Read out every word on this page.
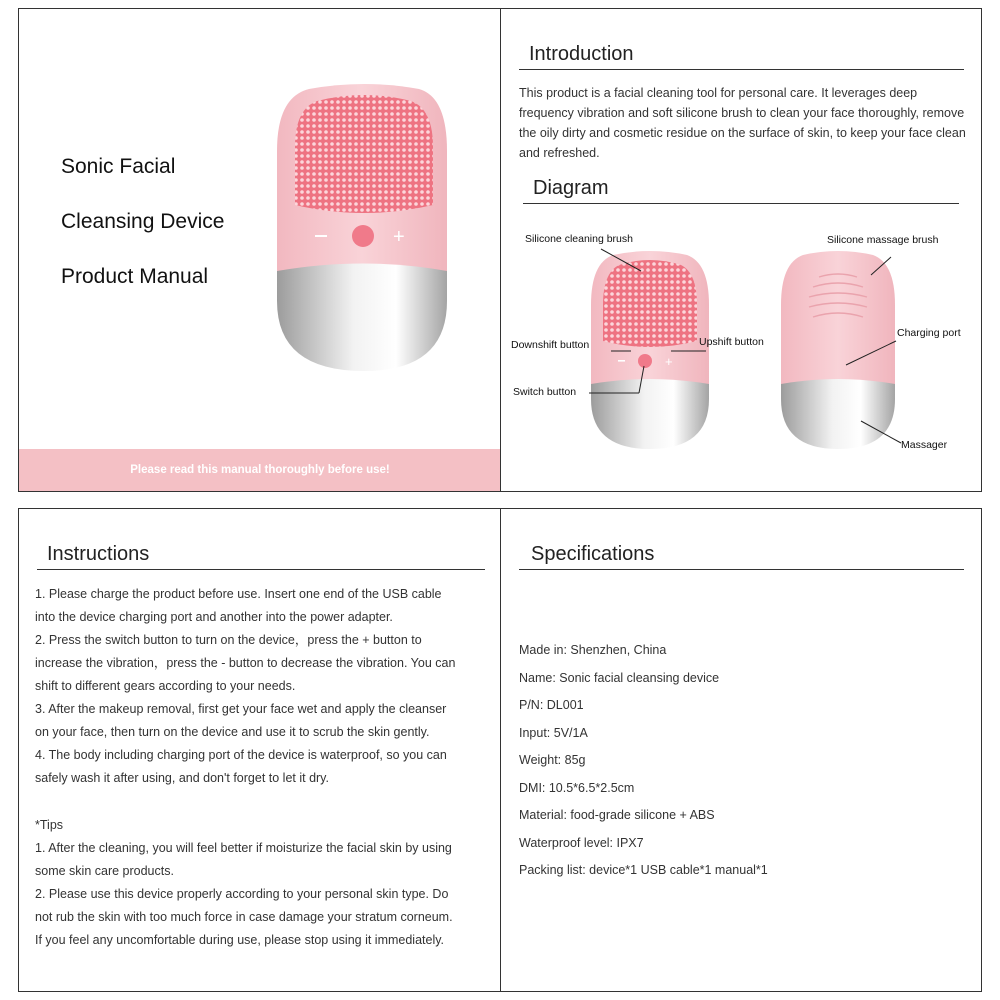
Sonic Facial
Cleansing Device
Product Manual
+
Please read this manual thoroughly before use!
Introduction
This product is a facial cleaning tool for personal care. It leverages deep frequency vibration and soft silicone brush to clean your face thoroughly, remove the oily dirty and cosmetic residue on the surface of skin, to keep your face clean and refreshed.
Diagram
+
Silicone cleaning brush	Silicone massage brush
Downshift button	Upshift button
Charging port
Switch button
Massager
Instructions
1. Please charge the product before use. Insert one end of the USB cable
into the device charging port and another into the power adapter.
2. Press the switch button to turn on the device，press the + button to
increase the vibration，press the - button to decrease the vibration. You can
shift to different gears according to your needs.
3. After the makeup removal, first get your face wet and apply the cleanser
on your face, then turn on the device and use it to scrub the skin gently.
4. The body including charging port of the device is waterproof, so you can
safely wash it after using, and don't forget to let it dry.
*Tips
1. After the cleaning, you will feel better if moisturize the facial skin by using
some skin care products.
2. Please use this device properly according to your personal skin type. Do
not rub the skin with too much force in case damage your stratum corneum.
If you feel any uncomfortable during use, please stop using it immediately.
Specifications
Made in: Shenzhen, China
Name: Sonic facial cleansing device
P/N: DL001
Input: 5V/1A
Weight: 85g
DMI: 10.5*6.5*2.5cm
Material: food-grade silicone + ABS
Waterproof level: IPX7
Packing list: device*1 USB cable*1 manual*1
